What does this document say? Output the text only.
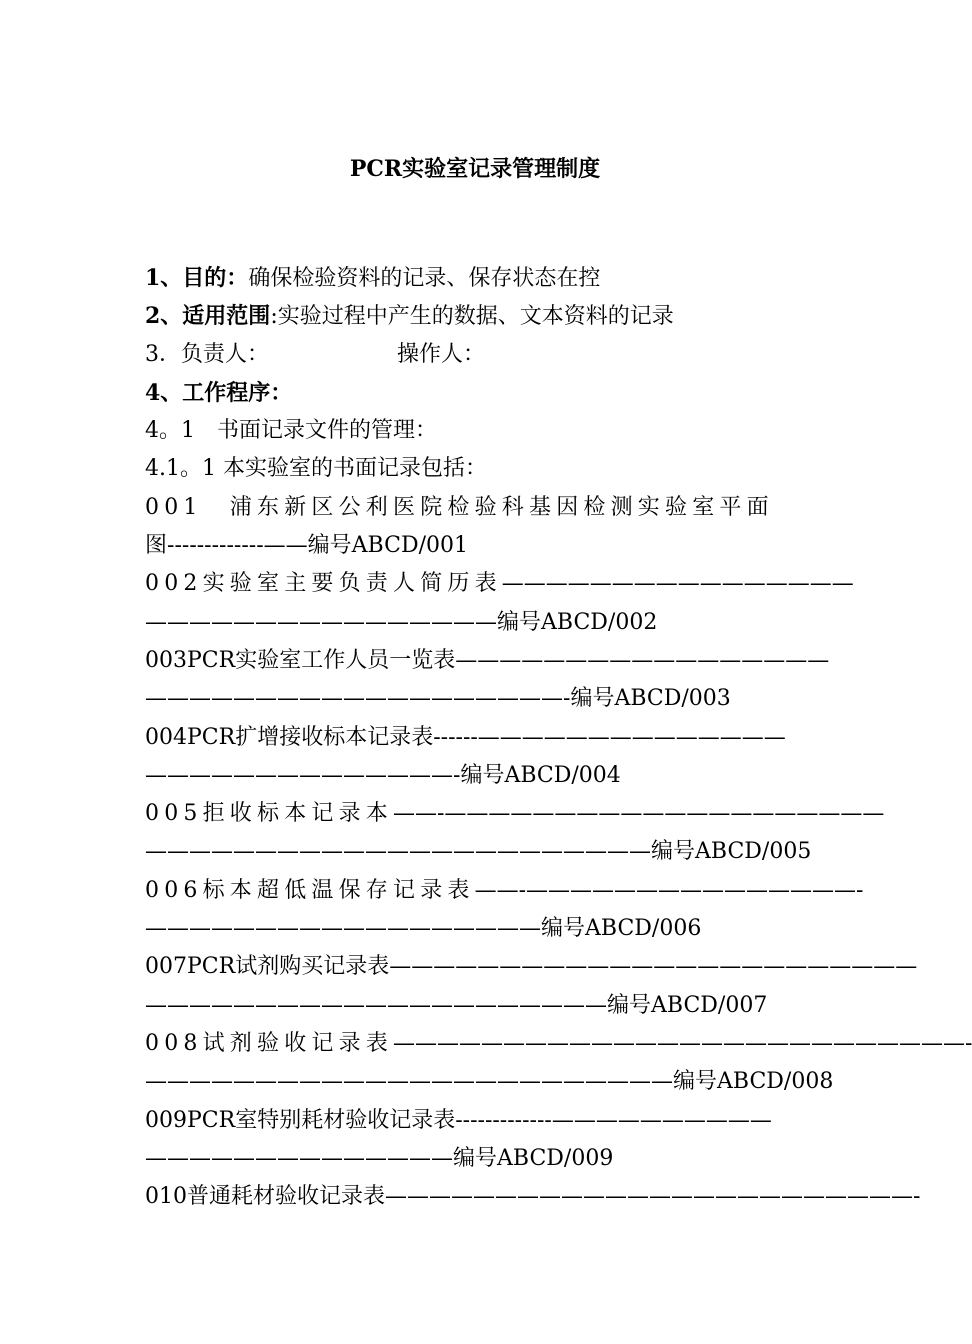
PCR实验室记录管理制度
1、目的：确保检验资料的记录、保存状态在控
2、适用范围:实验过程中产生的数据、文本资料的记录
3．负责人：	操作人：
4、工作程序：
4。1　书面记录文件的管理：
4.1。1 本实验室的书面记录包括：
001　浦东新区公利医院检验科基因检测实验室平面
图 -------------—— 编号ABCD/001
002实验室主要负责人简历表 ————————————————
————————————————编号ABCD/002
003PCR实验室工作人员一览表 —————————————————
———————————————————-编号ABCD/003
004PCR扩增接收标本记录表 ------——————————————
——————————————-编号ABCD/004
005拒收标本记录本 ——-————————————————————
———————————————————————编号ABCD/005
006标本超低温保存记录表 ——-———————————————-
——————————————————编号ABCD/006
007PCR试剂购买记录表 ————————————————————————
—————————————————————编号ABCD/007
008试剂验收记录表 ——————————————————————————-
————————————————————————编号ABCD/008
009PCR室特别耗材验收记录表 -------------——————————
——————————————编号ABCD/009
010普通耗材验收记录表 ————————————————————————-
